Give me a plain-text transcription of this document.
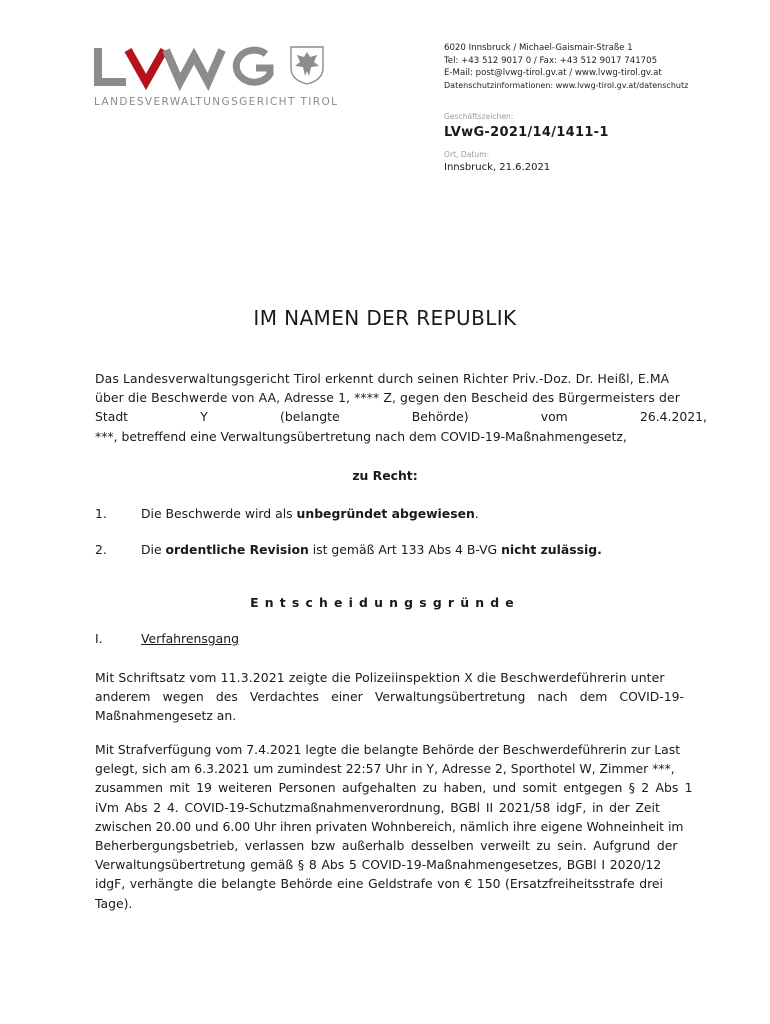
LANDESVERWALTUNGSGERICHT TIROL
6020 Innsbruck / Michael-Gaismair-Straße 1
Tel: +43 512 9017 0 / Fax: +43 512 9017 741705
E-Mail: post@lvwg-tirol.gv.at / www.lvwg-tirol.gv.at
Datenschutzinformationen: www.lvwg-tirol.gv.at/datenschutz
Geschäftszeichen:
LVwG-2021/14/1411-1
Ort, Datum:
Innsbruck, 21.6.2021
IM NAMEN DER REPUBLIK
Das Landesverwaltungsgericht Tirol erkennt durch seinen Richter Priv.-Doz. Dr. Heißl, E.MA
über die Beschwerde von AA, Adresse 1, **** Z, gegen den Bescheid des Bürgermeisters der
Stadt	Y	(belangte	Behörde)	vom	26.4.2021,
***, betreffend eine Verwaltungsübertretung nach dem COVID-19-Maßnahmengesetz,
zu Recht:
1.	Die Beschwerde wird als unbegründet abgewiesen.
2.	Die ordentliche Revision ist gemäß Art 133 Abs 4 B-VG nicht zulässig.
Entscheidungsgründe
I.	Verfahrensgang
Mit Schriftsatz vom 11.3.2021 zeigte die Polizeiinspektion X die Beschwerdeführerin unter
anderem wegen des Verdachtes einer Verwaltungsübertretung nach dem COVID-19-
Maßnahmengesetz an.
Mit Strafverfügung vom 7.4.2021 legte die belangte Behörde der Beschwerdeführerin zur Last
gelegt, sich am 6.3.2021 um zumindest 22:57 Uhr in Y, Adresse 2, Sporthotel W, Zimmer ***,
zusammen mit 19 weiteren Personen aufgehalten zu haben, und somit entgegen § 2 Abs 1
iVm Abs 2 4. COVID-19-Schutzmaßnahmenverordnung, BGBl II 2021/58 idgF, in der Zeit
zwischen 20.00 und 6.00 Uhr ihren privaten Wohnbereich, nämlich ihre eigene Wohneinheit im
Beherbergungsbetrieb, verlassen bzw außerhalb desselben verweilt zu sein. Aufgrund der
Verwaltungsübertretung gemäß § 8 Abs 5 COVID-19-Maßnahmengesetzes, BGBl I 2020/12
idgF, verhängte die belangte Behörde eine Geldstrafe von € 150 (Ersatzfreiheitsstrafe drei
Tage).
